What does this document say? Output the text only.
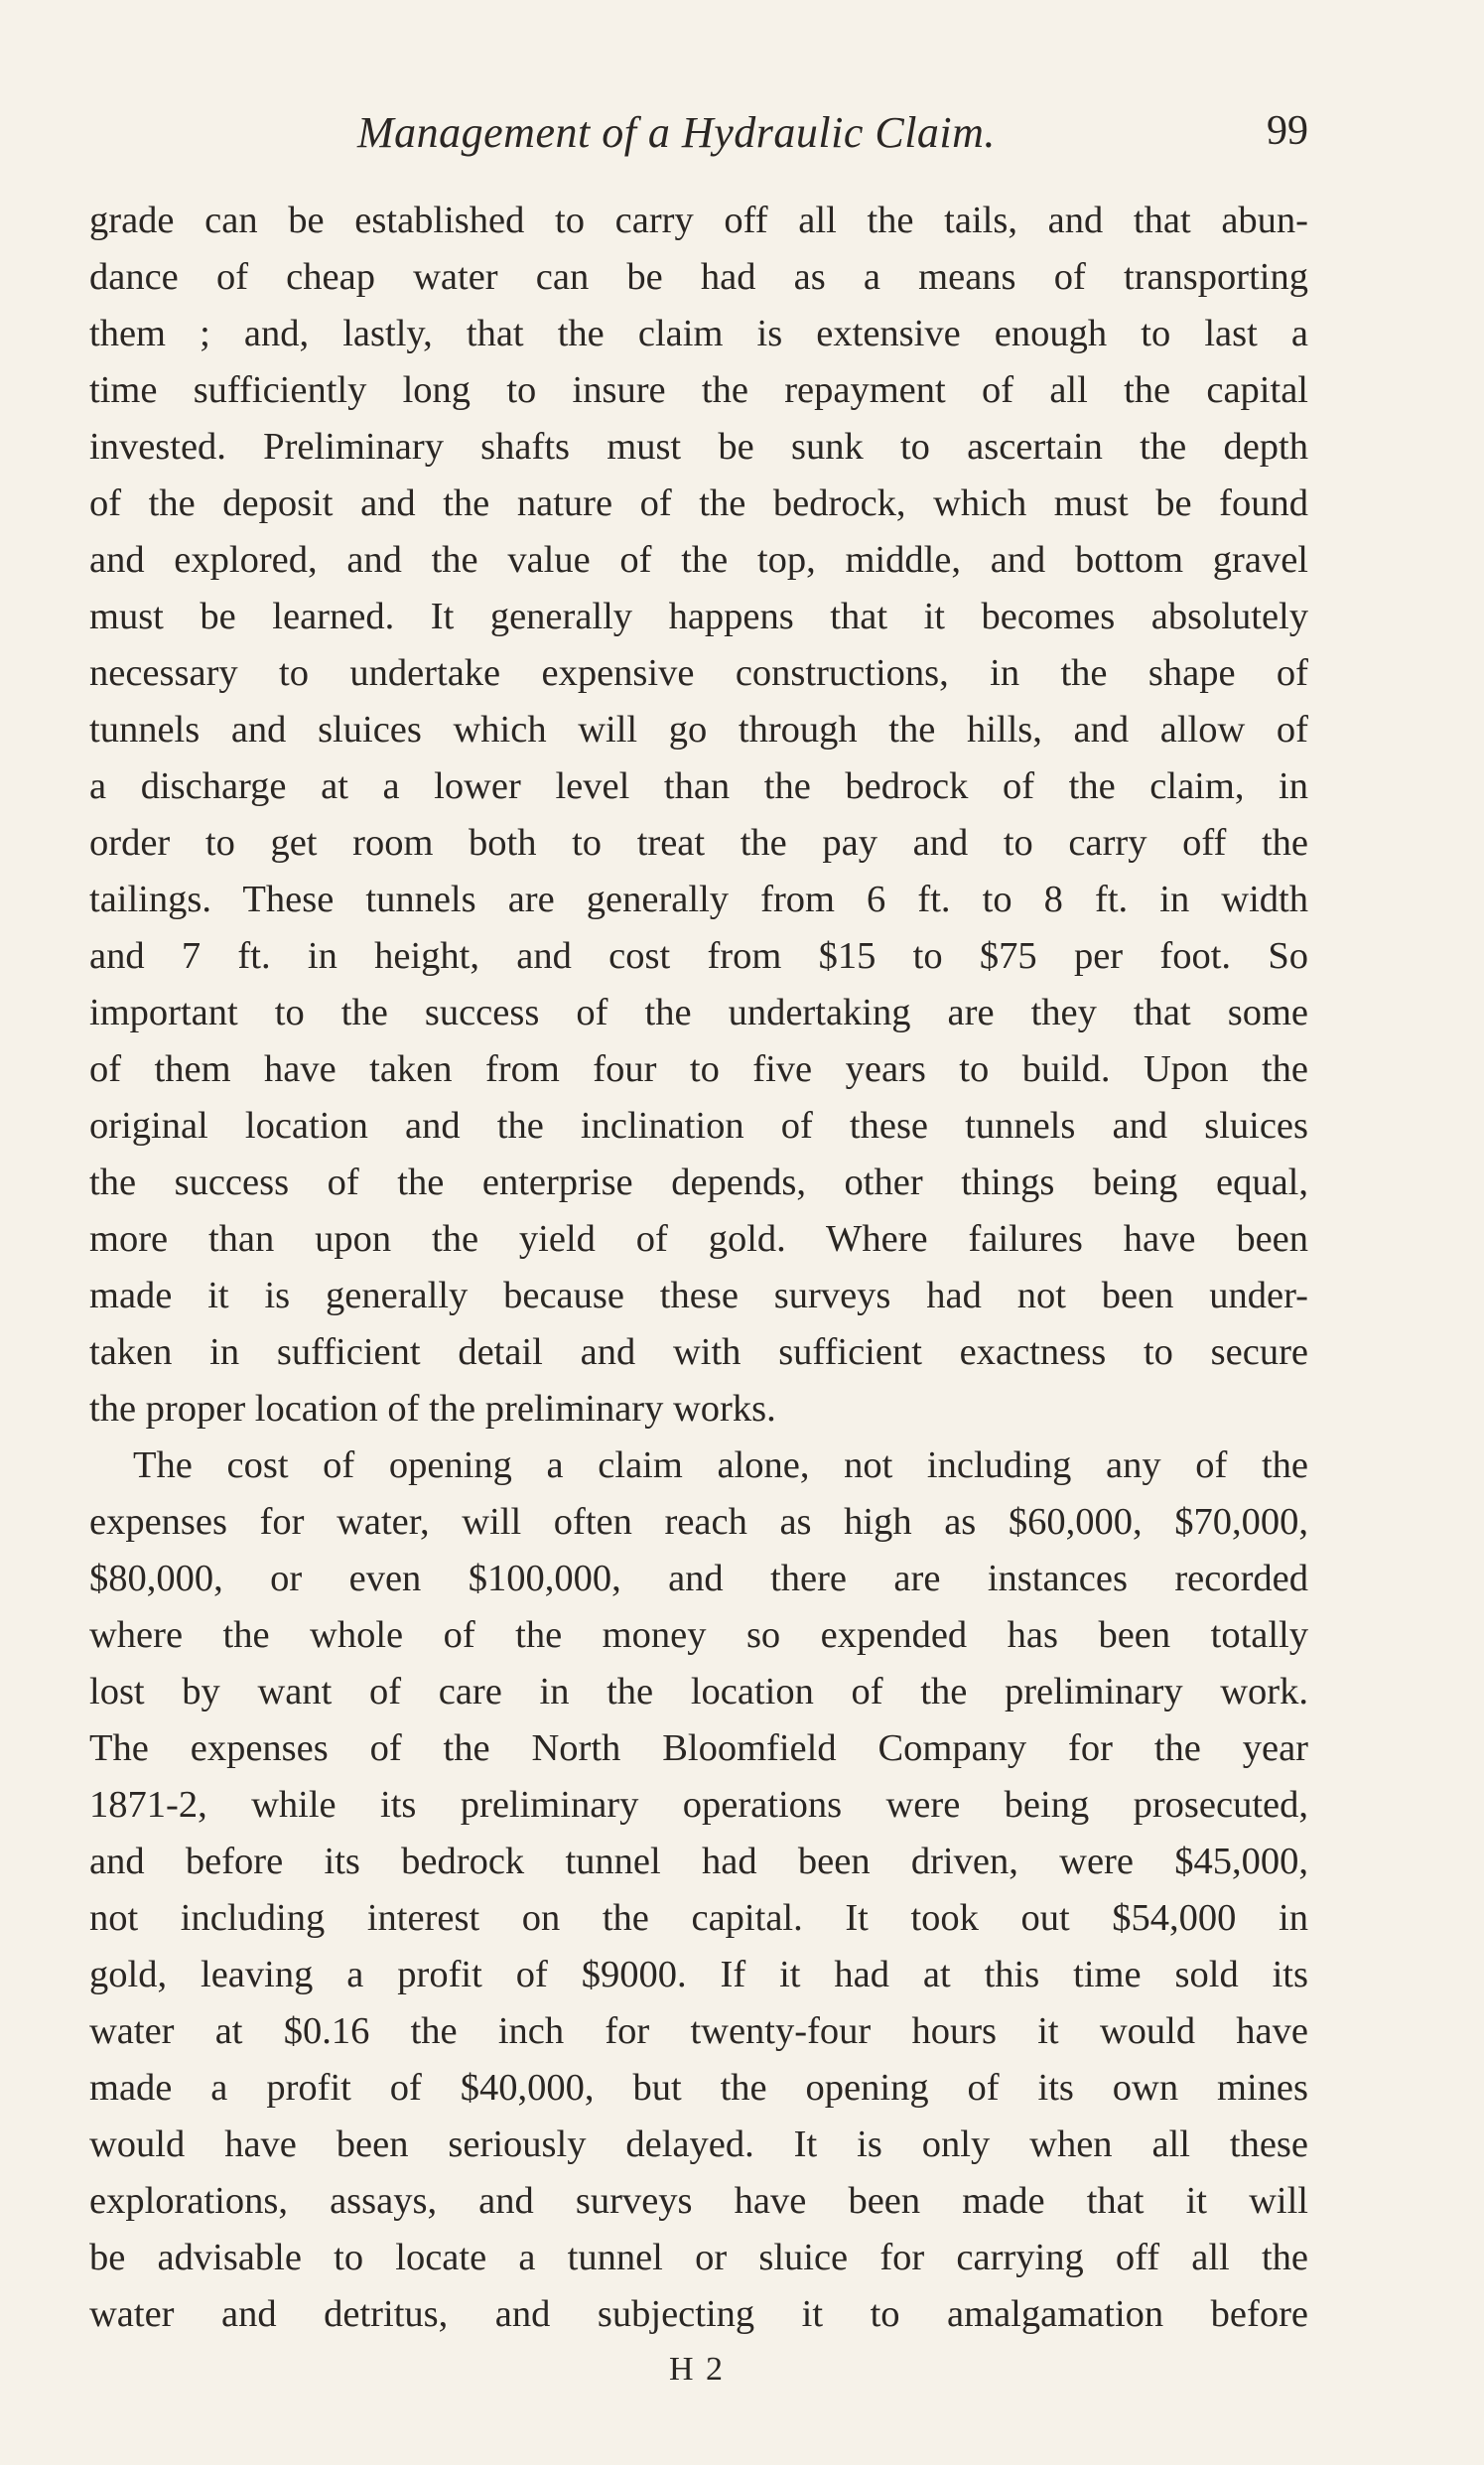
Management of a Hydraulic Claim.	99
grade can be established to carry off all the tails, and that abun-
dance of cheap water can be had as a means of transporting
them ; and, lastly, that the claim is extensive enough to last a
time sufficiently long to insure the repayment of all the capital
invested. Preliminary shafts must be sunk to ascertain the depth
of the deposit and the nature of the bedrock, which must be found
and explored, and the value of the top, middle, and bottom gravel
must be learned. It generally happens that it becomes absolutely
necessary to undertake expensive constructions, in the shape of
tunnels and sluices which will go through the hills, and allow of
a discharge at a lower level than the bedrock of the claim, in
order to get room both to treat the pay and to carry off the
tailings. These tunnels are generally from 6 ft. to 8 ft. in width
and 7 ft. in height, and cost from $15 to $75 per foot. So
important to the success of the undertaking are they that some
of them have taken from four to five years to build. Upon the
original location and the inclination of these tunnels and sluices
the success of the enterprise depends, other things being equal,
more than upon the yield of gold. Where failures have been
made it is generally because these surveys had not been under-
taken in sufficient detail and with sufficient exactness to secure
the proper location of the preliminary works.
The cost of opening a claim alone, not including any of the
expenses for water, will often reach as high as $60,000, $70,000,
$80,000, or even $100,000, and there are instances recorded
where the whole of the money so expended has been totally
lost by want of care in the location of the preliminary work.
The expenses of the North Bloomfield Company for the year
1871-2, while its preliminary operations were being prosecuted,
and before its bedrock tunnel had been driven, were $45,000,
not including interest on the capital. It took out $54,000 in
gold, leaving a profit of $9000. If it had at this time sold its
water at $0.16 the inch for twenty-four hours it would have
made a profit of $40,000, but the opening of its own mines
would have been seriously delayed. It is only when all these
explorations, assays, and surveys have been made that it will
be advisable to locate a tunnel or sluice for carrying off all the
water and detritus, and subjecting it to amalgamation before
H 2
